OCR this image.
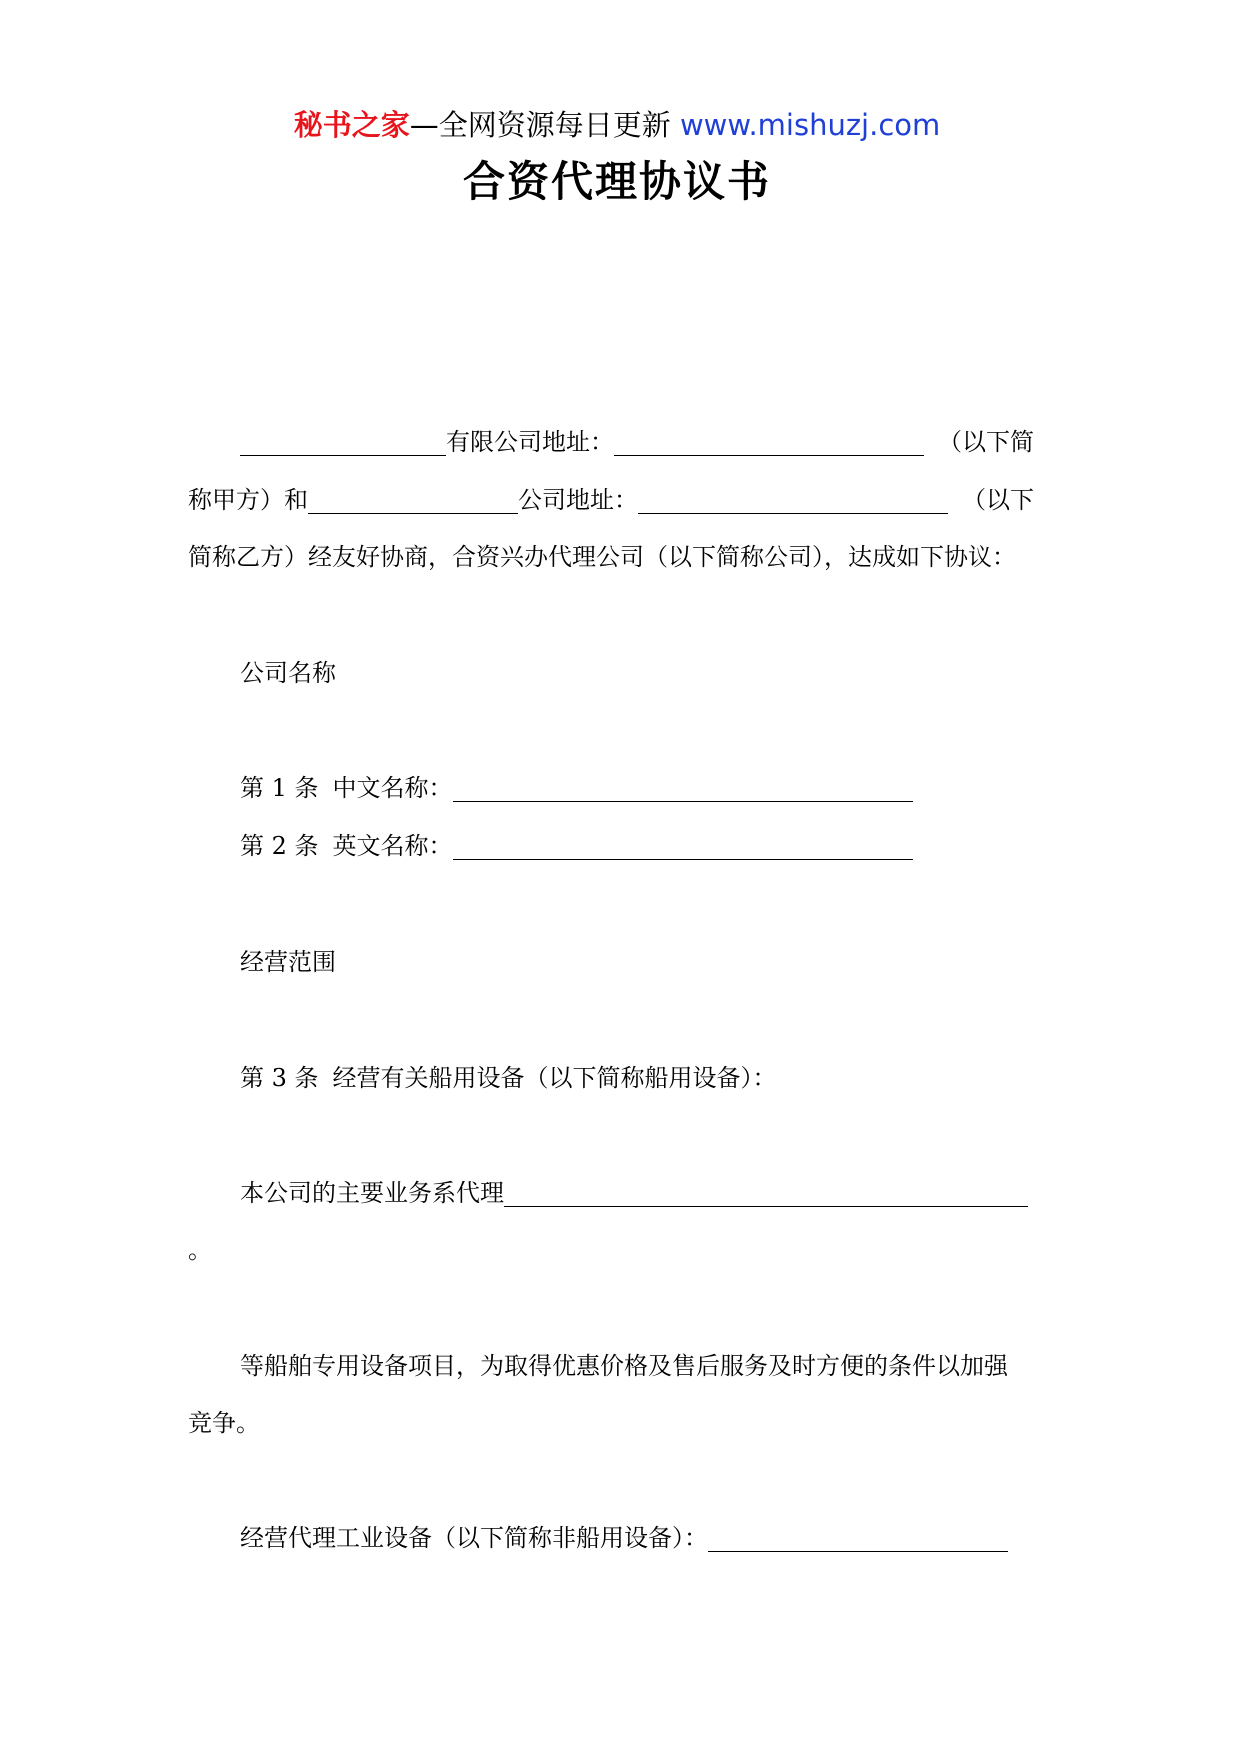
秘书之家—全网资源每日更新 www.mishuzj.com
合资代理协议书
有限公司地址：	（以下简
称甲方）和	公司地址：	（以下
简称乙方）经友好协商，合资兴办代理公司（以下简称公司），达成如下协议：
公司名称
第 1 条 中文名称：
第 2 条 英文名称：
经营范围
第 3 条 经营有关船用设备（以下简称船用设备）：
本公司的主要业务系代理
。
等船舶专用设备项目，为取得优惠价格及售后服务及时方便的条件以加强
竞争。
经营代理工业设备（以下简称非船用设备）：
